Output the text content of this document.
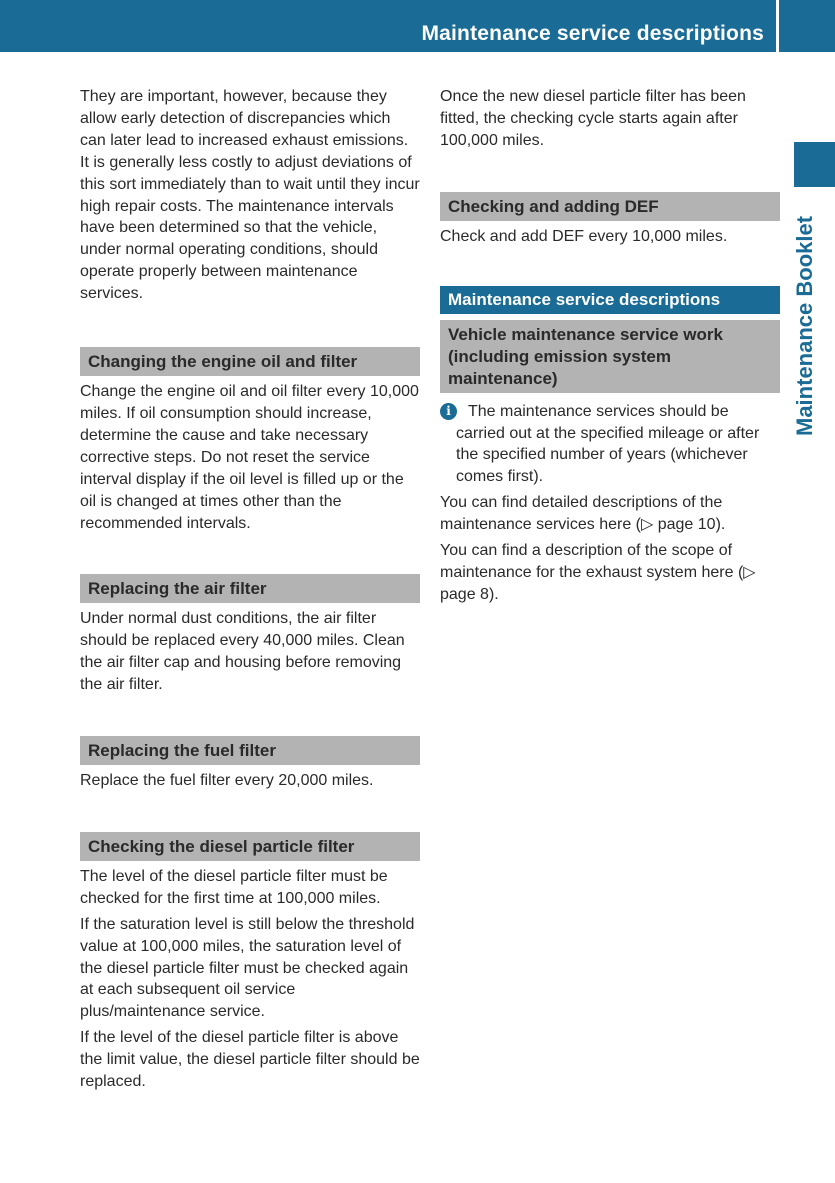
Maintenance service descriptions
Maintenance Booklet

They are important, however, because they allow early detection of discrepancies which can later lead to increased exhaust emissions. It is generally less costly to adjust deviations of this sort immediately than to wait until they incur high repair costs. The maintenance intervals have been determined so that the vehicle, under normal operating conditions, should operate properly between maintenance services.

Changing the engine oil and filter

Change the engine oil and oil filter every 10,000 miles. If oil consumption should increase, determine the cause and take necessary corrective steps. Do not reset the service interval display if the oil level is filled up or the oil is changed at times other than the recommended intervals.

Replacing the air filter

Under normal dust conditions, the air filter should be replaced every 40,000 miles. Clean the air filter cap and housing before removing the air filter.

Replacing the fuel filter

Replace the fuel filter every 20,000 miles.

Checking the diesel particle filter

The level of the diesel particle filter must be checked for the first time at 100,000 miles.

If the saturation level is still below the threshold value at 100,000 miles, the saturation level of the diesel particle filter must be checked again at each subsequent oil service plus/maintenance service.

If the level of the diesel particle filter is above the limit value, the diesel particle filter should be replaced.

Once the new diesel particle filter has been fitted, the checking cycle starts again after 100,000 miles.

Checking and adding DEF

Check and add DEF every 10,000 miles.

Maintenance service descriptions
Vehicle maintenance service work (including emission system maintenance)
i	The maintenance services should be carried out at the specified mileage or after the specified number of years (whichever comes first).

You can find detailed descriptions of the maintenance services here (▷ page 10).

You can find a description of the scope of maintenance for the exhaust system here (▷ page 8).
